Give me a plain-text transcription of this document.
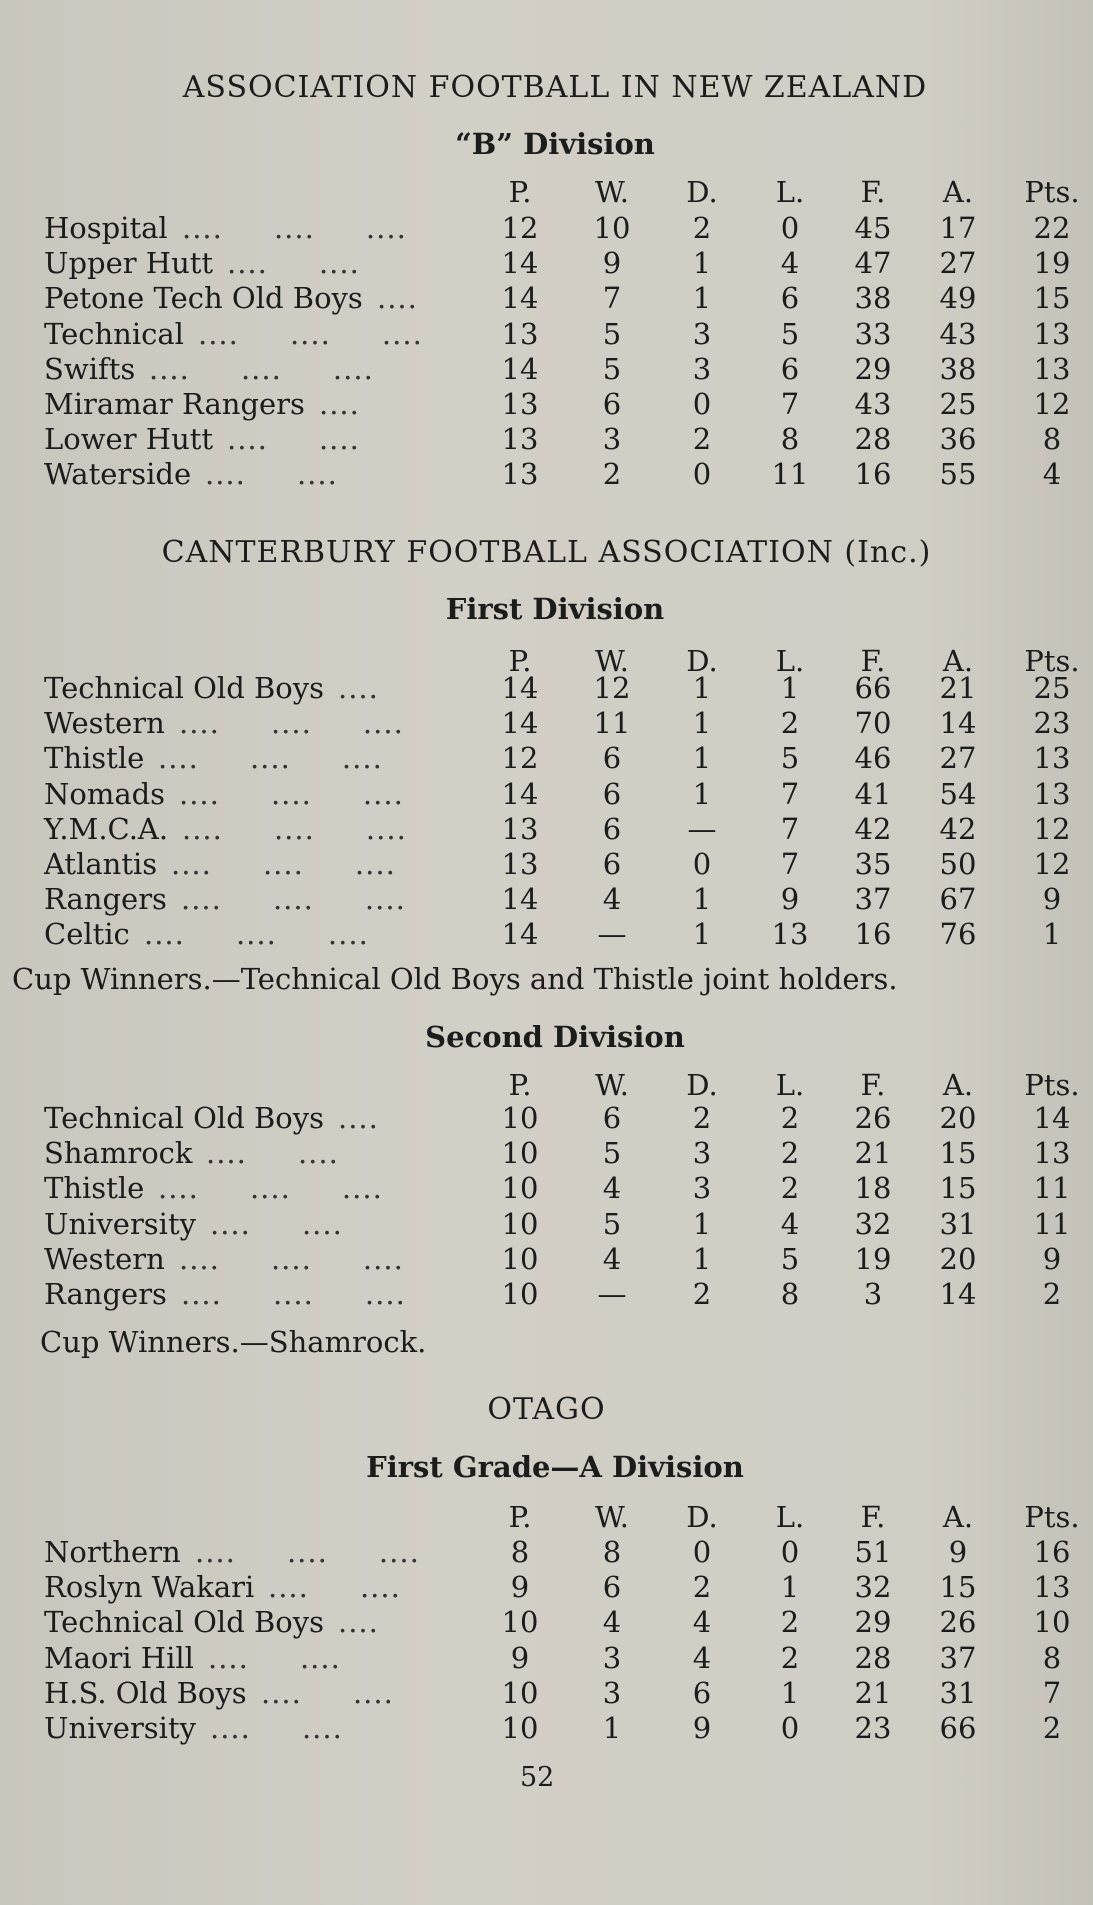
ASSOCIATION FOOTBALL IN NEW ZEALAND
“B” Division
P.	W.	D.	L.	F.	A.	Pts.
Hospital ....     ....     ....	12	10	2	0	45	17	22
Upper Hutt ....     ....	14	9	1	4	47	27	19
Petone Tech Old Boys ....	14	7	1	6	38	49	15
Technical ....     ....     ....	13	5	3	5	33	43	13
Swifts ....     ....     ....	14	5	3	6	29	38	13
Miramar Rangers ....	13	6	0	7	43	25	12
Lower Hutt ....     ....	13	3	2	8	28	36	8
Waterside ....     ....	13	2	0	11	16	55	4
CANTERBURY FOOTBALL ASSOCIATION (Inc.)
First Division
P.	W.	D.	L.	F.	A.	Pts.
Technical Old Boys ....	14	12	1	1	66	21	25
Western ....     ....     ....	14	11	1	2	70	14	23
Thistle ....     ....     ....	12	6	1	5	46	27	13
Nomads ....     ....     ....	14	6	1	7	41	54	13
Y.M.C.A. ....     ....     ....	13	6	—	7	42	42	12
Atlantis ....     ....     ....	13	6	0	7	35	50	12
Rangers ....     ....     ....	14	4	1	9	37	67	9
Celtic ....     ....     ....	14	—	1	13	16	76	1
Cup Winners.—Technical Old Boys and Thistle joint holders.
Second Division
P.	W.	D.	L.	F.	A.	Pts.
Technical Old Boys ....	10	6	2	2	26	20	14
Shamrock ....     ....	10	5	3	2	21	15	13
Thistle ....     ....     ....	10	4	3	2	18	15	11
University ....     ....	10	5	1	4	32	31	11
Western ....     ....     ....	10	4	1	5	19	20	9
Rangers ....     ....     ....	10	—	2	8	3	14	2
Cup Winners.—Shamrock.
OTAGO
First Grade—A Division
P.	W.	D.	L.	F.	A.	Pts.
Northern ....     ....     ....	8	8	0	0	51	9	16
Roslyn Wakari ....     ....	9	6	2	1	32	15	13
Technical Old Boys ....	10	4	4	2	29	26	10
Maori Hill ....     ....	9	3	4	2	28	37	8
H.S. Old Boys ....     ....	10	3	6	1	21	31	7
University ....     ....	10	1	9	0	23	66	2
52
